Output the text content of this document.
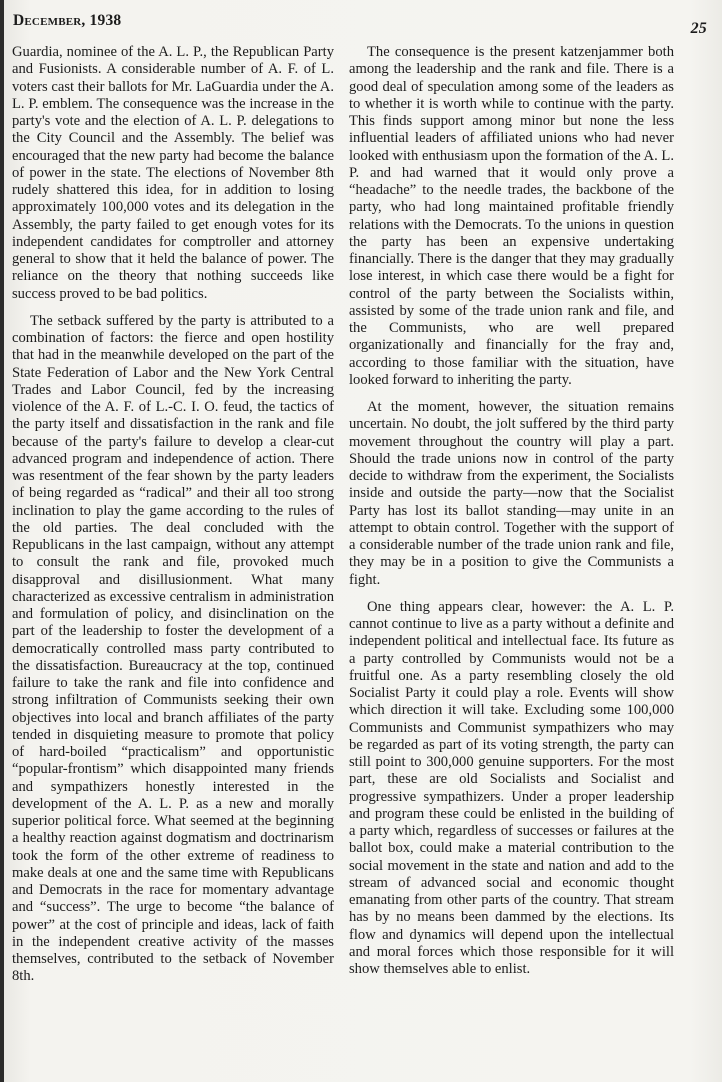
December, 1938	25

Guardia, nominee of the A. L. P., the Republican Party and Fusionists. A considerable number of A. F. of L. voters cast their ballots for Mr. LaGuardia under the A. L. P. emblem. The consequence was the increase in the party's vote and the election of A. L. P. delegations to the City Council and the Assembly. The belief was encouraged that the new party had become the balance of power in the state. The elections of November 8th rudely shattered this idea, for in addition to losing approximately 100,000 votes and its delegation in the Assembly, the party failed to get enough votes for its independent candidates for comptroller and attorney general to show that it held the balance of power. The reliance on the theory that nothing succeeds like success proved to be bad politics.

The setback suffered by the party is attributed to a combination of factors: the fierce and open hostility that had in the meanwhile developed on the part of the State Federation of Labor and the New York Central Trades and Labor Council, fed by the increasing violence of the A. F. of L.-C. I. O. feud, the tactics of the party itself and dissatisfaction in the rank and file because of the party's failure to develop a clear-cut advanced program and independence of action. There was resentment of the fear shown by the party leaders of being regarded as “radical” and their all too strong inclination to play the game according to the rules of the old parties. The deal concluded with the Republicans in the last campaign, without any attempt to consult the rank and file, provoked much disapproval and disillusionment. What many characterized as excessive centralism in administration and formulation of policy, and disinclination on the part of the leadership to foster the development of a democratically controlled mass party contributed to the dissatisfaction. Bureaucracy at the top, continued failure to take the rank and file into confidence and strong infiltration of Communists seeking their own objectives into local and branch affiliates of the party tended in disquieting measure to promote that policy of hard-boiled “practicalism” and opportunistic “popular-frontism” which disappointed many friends and sympathizers honestly interested in the development of the A. L. P. as a new and morally superior political force. What seemed at the beginning a healthy reaction against dogmatism and doctrinarism took the form of the other extreme of readiness to make deals at one and the same time with Republicans and Democrats in the race for momentary advantage and “success”. The urge to become “the balance of power” at the cost of principle and ideas, lack of faith in the independent creative activity of the masses themselves, contributed to the setback of November 8th.

The consequence is the present katzenjammer both among the leadership and the rank and file. There is a good deal of speculation among some of the leaders as to whether it is worth while to continue with the party. This finds support among minor but none the less influential leaders of affiliated unions who had never looked with enthusiasm upon the formation of the A. L. P. and had warned that it would only prove a “headache” to the needle trades, the backbone of the party, who had long maintained profitable friendly relations with the Democrats. To the unions in question the party has been an expensive undertaking financially. There is the danger that they may gradually lose interest, in which case there would be a fight for control of the party between the Socialists within, assisted by some of the trade union rank and file, and the Communists, who are well prepared organizationally and financially for the fray and, according to those familiar with the situation, have looked forward to inheriting the party.

At the moment, however, the situation remains uncertain. No doubt, the jolt suffered by the third party movement throughout the country will play a part. Should the trade unions now in control of the party decide to withdraw from the experiment, the Socialists inside and outside the party—now that the Socialist Party has lost its ballot standing—may unite in an attempt to obtain control. Together with the support of a considerable number of the trade union rank and file, they may be in a position to give the Communists a fight.

One thing appears clear, however: the A. L. P. cannot continue to live as a party without a definite and independent political and intellectual face. Its future as a party controlled by Communists would not be a fruitful one. As a party resembling closely the old Socialist Party it could play a role. Events will show which direction it will take. Excluding some 100,000 Communists and Communist sympathizers who may be regarded as part of its voting strength, the party can still point to 300,000 genuine supporters. For the most part, these are old Socialists and Socialist and progressive sympathizers. Under a proper leadership and program these could be enlisted in the building of a party which, regardless of successes or failures at the ballot box, could make a material contribution to the social movement in the state and nation and add to the stream of advanced social and economic thought emanating from other parts of the country. That stream has by no means been dammed by the elections. Its flow and dynamics will depend upon the intellectual and moral forces which those responsible for it will show themselves able to enlist.
